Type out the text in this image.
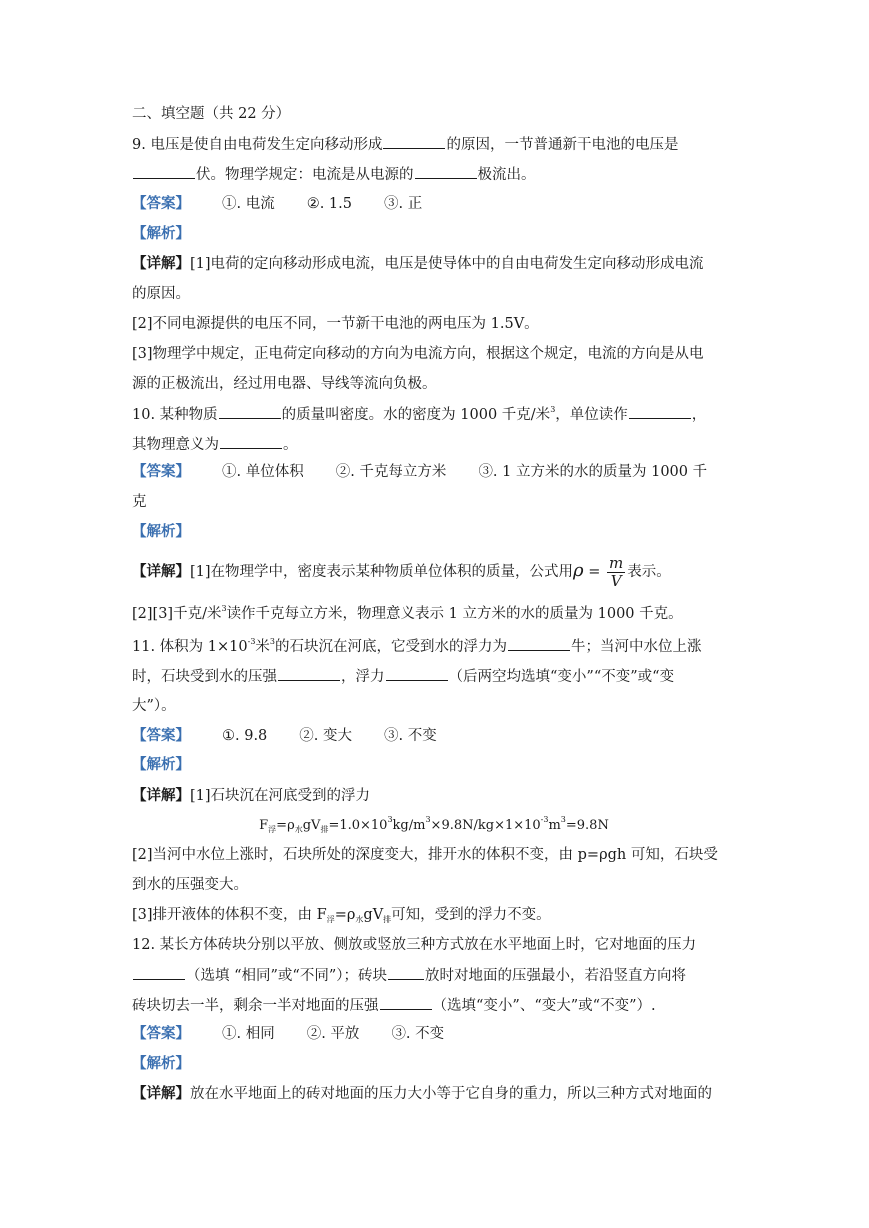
二、填空题（共 22 分）
9. 电压是使自由电荷发生定向移动形成	的原因，一节普通新干电池的电压是
伏。物理学规定：电流是从电源的	极流出。
【答案】 ①. 电流 ②. 1.5 ③. 正
【解析】
【详解】[1]电荷的定向移动形成电流，电压是使导体中的自由电荷发生定向移动形成电流
的原因。
[2]不同电源提供的电压不同，一节新干电池的两电压为 1.5V。
[3]物理学中规定，正电荷定向移动的方向为电流方向，根据这个规定，电流的方向是从电
源的正极流出，经过用电器、导线等流向负极。
10. 某种物质	的质量叫密度。水的密度为 1000 千克/米$^3$，单位读作	，
其物理意义为	。
【答案】 ①. 单位体积 ②. 千克每立方米 ③. 1 立方米的水的质量为 1000 千
克
【解析】
【详解】[1]在物理学中，密度表示某种物质单位体积的质量，公式用$\rho = \frac{m}{V}$ 表示。
[2][3]千克/米$^3$读作千克每立方米，物理意义表示 1 立方米的水的质量为 1000 千克。
11. 体积为 $1\times 10^{-3}$米$^3$的石块沉在河底，它受到水的浮力为	牛；当河中水位上涨
时，石块受到水的压强	，浮力	（后两空均选填“变小”“不变”或“变
大”）。
【答案】 ①. 9.8 ②. 变大 ③. 不变
【解析】
【详解】[1]石块沉在河底受到的浮力
$F_浮=\rho_水gV_排=1.0\times 10^3kg/m^3\times 9.8N/kg\times 1\times 10^{-3}m^3=9.8N$
[2]当河中水位上涨时，石块所处的深度变大，排开水的体积不变，由 p=ρgh 可知，石块受
到水的压强变大。
[3]排开液体的体积不变，由 $F_浮=\rho_水gV_排$可知，受到的浮力不变。
12. 某长方体砖块分别以平放、侧放或竖放三种方式放在水平地面上时，它对地面的压力
（选填 “相同”或“不同”）；砖块	放时对地面的压强最小，若沿竖直方向将
砖块切去一半，剩余一半对地面的压强	（选填“变小”、“变大”或“不变”）.
【答案】 ①. 相同 ②. 平放 ③. 不变
【解析】
【详解】放在水平地面上的砖对地面的压力大小等于它自身的重力，所以三种方式对地面的
